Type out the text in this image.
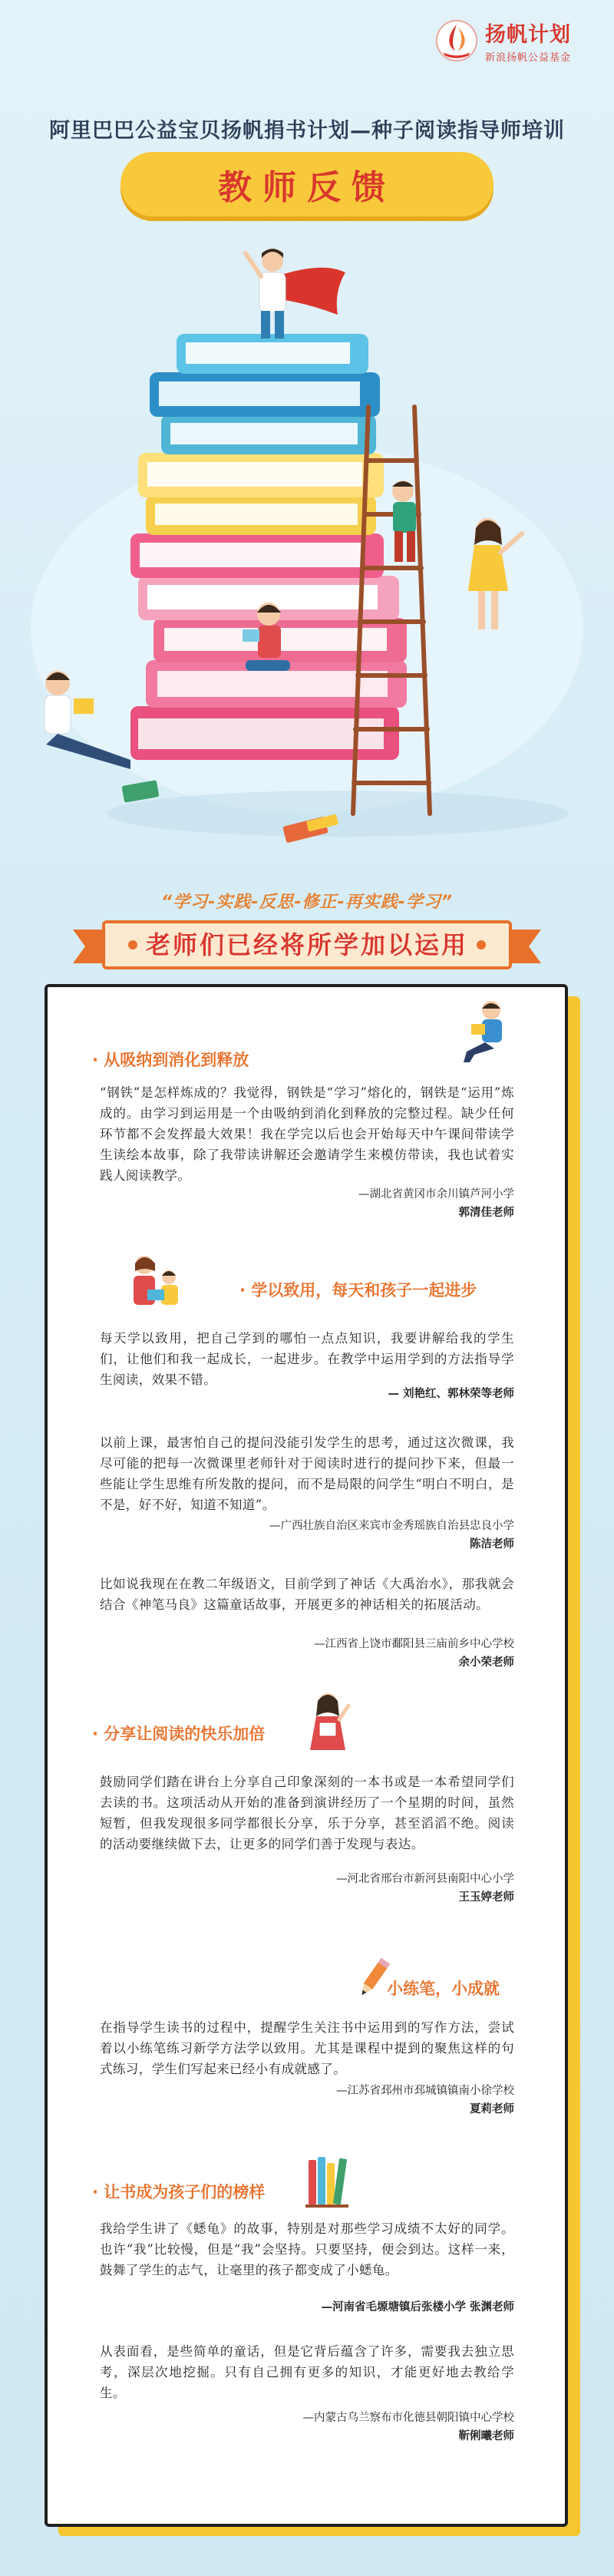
扬帆计划
新浪扬帆公益基金
阿里巴巴公益宝贝扬帆捐书计划—种子阅读指导师培训
教师反馈
“学习-实践-反思-修正-再实践-学习”
老师们已经将所学加以运用
· 从吸纳到消化到释放
“钢铁”是怎样炼成的？我觉得，钢铁是“学习”熔化的，钢铁是“运用”炼成的。由学习到运用是一个由吸纳到消化到释放的完整过程。缺少任何环节都不会发挥最大效果！我在学完以后也会开始每天中午课间带读学生读绘本故事，除了我带读讲解还会邀请学生来模仿带读，我也试着实践人阅读教学。
—湖北省黄冈市余川镇芦河小学
郭清佳老师
· 学以致用，每天和孩子一起进步
每天学以致用，把自己学到的哪怕一点点知识，我要讲解给我的学生们，让他们和我一起成长，一起进步。在教学中运用学到的方法指导学生阅读，效果不错。
— 刘艳红、郭林荣等老师
以前上课，最害怕自己的提问没能引发学生的思考，通过这次微课，我尽可能的把每一次微课里老师针对于阅读时进行的提问抄下来，但最一些能让学生思维有所发散的提问，而不是局限的问学生“明白不明白，是不是，好不好，知道不知道”。
—广西壮族自治区来宾市金秀瑶族自治县忠良小学
陈洁老师
比如说我现在在教二年级语文，目前学到了神话《大禹治水》，那我就会结合《神笔马良》这篇童话故事，开展更多的神话相关的拓展活动。
—江西省上饶市鄱阳县三庙前乡中心学校
余小荣老师
· 分享让阅读的快乐加倍
鼓励同学们踏在讲台上分享自己印象深刻的一本书或是一本希望同学们去读的书。这项活动从开始的准备到演讲经历了一个星期的时间，虽然短暂，但我发现很多同学都很长分享，乐于分享，甚至滔滔不绝。阅读的活动要继续做下去，让更多的同学们善于发现与表达。
—河北省邢台市新河县南阳中心小学
王玉婷老师
小练笔，小成就
在指导学生读书的过程中，提醒学生关注书中运用到的写作方法，尝试着以小练笔练习新学方法学以致用。尤其是课程中提到的聚焦这样的句式练习，学生们写起来已经小有成就感了。
—江苏省邳州市邳城镇镇南小徐学校
夏莉老师
· 让书成为孩子们的榜样
我给学生讲了《蟋龟》的故事，特别是对那些学习成绩不太好的同学。也许“我”比较慢，但是“我”会坚持。只要坚持，便会到达。这样一来，鼓舞了学生的志气，让毫里的孩子都变成了小蟋龟。
—河南省毛塬塘镇后张楼小学 张渊老师
从表面看，是些简单的童话，但是它背后蕴含了许多，需要我去独立思考，深层次地挖掘。只有自己拥有更多的知识，才能更好地去教给学生。
—内蒙古乌兰察布市化德县朝阳镇中心学校
靳俐曦老师
